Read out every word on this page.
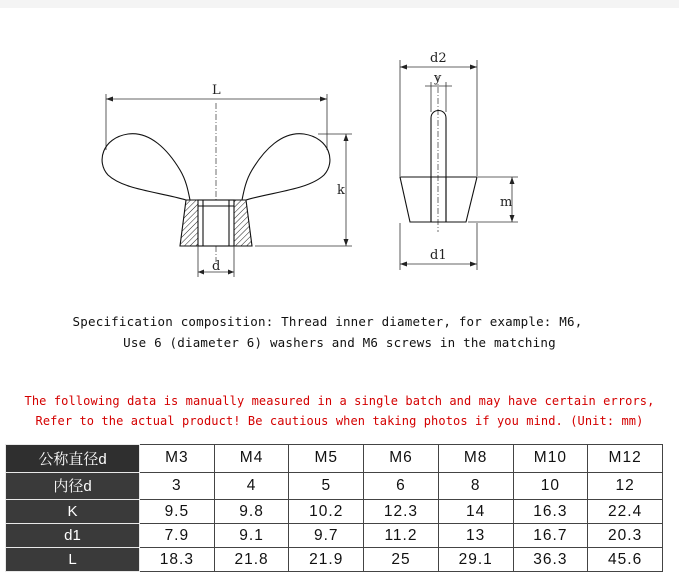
L
k
d
d2
y
m
d1
Specification composition: Thread inner diameter, for example: M6,
Use 6 (diameter 6) washers and M6 screws in the matching
The following data is manually measured in a single batch and may have certain errors,
Refer to the actual product! Be cautious when taking photos if you mind. (Unit: mm)
公称直径d	M3	M4	M5	M6	M8	M10	M12
内径d	3	4	5	6	8	10	12
K	9.5	9.8	10.2	12.3	14	16.3	22.4
d1	7.9	9.1	9.7	11.2	13	16.7	20.3
L	18.3	21.8	21.9	25	29.1	36.3	45.6
